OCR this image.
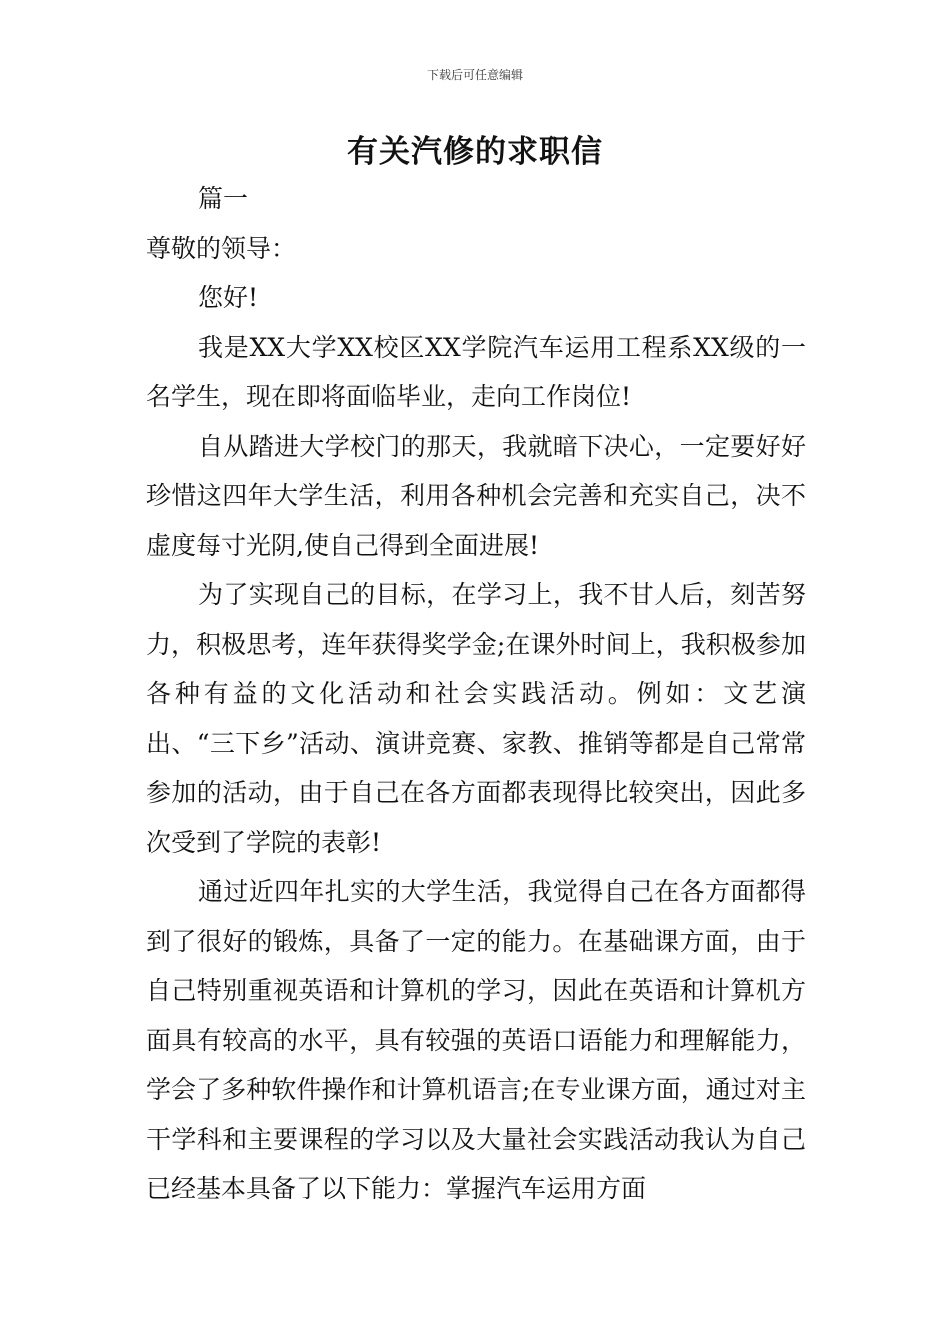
下载后可任意编辑
有关汽修的求职信

篇一

尊敬的领导：

您好!

我是XX大学XX校区XX学院汽车运用工程系XX级的一名学生，现在即将面临毕业，走向工作岗位!

自从踏进大学校门的那天，我就暗下决心，一定要好好珍惜这四年大学生活，利用各种机会完善和充实自己，决不虚度每寸光阴,使自己得到全面进展!

为了实现自己的目标，在学习上，我不甘人后，刻苦努力，积极思考，连年获得奖学金;在课外时间上，我积极参加各种有益的文化活动和社会实践活动。例如：文艺演出、“三下乡”活动、演讲竞赛、家教、推销等都是自己常常参加的活动，由于自己在各方面都表现得比较突出，因此多次受到了学院的表彰!

通过近四年扎实的大学生活，我觉得自己在各方面都得到了很好的锻炼，具备了一定的能力。在基础课方面，由于自己特别重视英语和计算机的学习，因此在英语和计算机方面具有较高的水平，具有较强的英语口语能力和理解能力，学会了多种软件操作和计算机语言;在专业课方面，通过对主干学科和主要课程的学习以及大量社会实践活动我认为自己已经基本具备了以下能力：掌握汽车运用方面
